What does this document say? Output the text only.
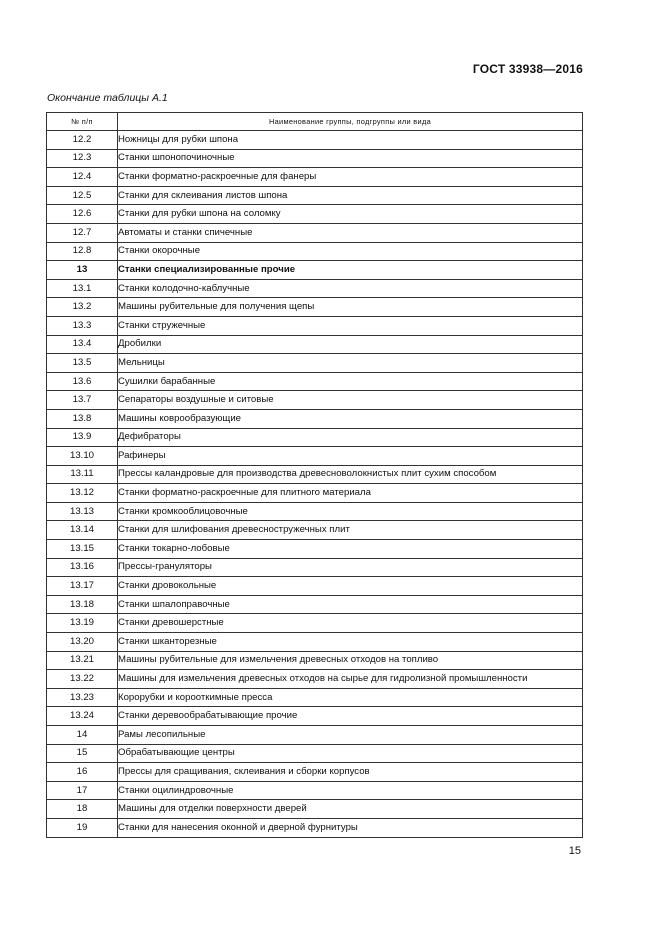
ГОСТ 33938—2016
Окончание таблицы А.1
№ п/п	Наименование группы, подгруппы или вида
12.2	Ножницы для рубки шпона
12.3	Станки шпонопочиночные
12.4	Станки форматно-раскроечные для фанеры
12.5	Станки для склеивания листов шпона
12.6	Станки для рубки шпона на соломку
12.7	Автоматы и станки спичечные
12.8	Станки окорочные
13	Станки специализированные прочие
13.1	Станки колодочно-каблучные
13.2	Машины рубительные для получения щепы
13.3	Станки стружечные
13.4	Дробилки
13.5	Мельницы
13.6	Сушилки барабанные
13.7	Сепараторы воздушные и ситовые
13.8	Машины коврообразующие
13.9	Дефибраторы
13.10	Рафинеры
13.11	Прессы каландровые для производства древесноволокнистых плит сухим способом
13.12	Станки форматно-раскроечные для плитного материала
13.13	Станки кромкооблицовочные
13.14	Станки для шлифования древесностружечных плит
13.15	Станки токарно-лобовые
13.16	Прессы-грануляторы
13.17	Станки дровокольные
13.18	Станки шпалоправочные
13.19	Станки древошерстные
13.20	Станки шканторезные
13.21	Машины рубительные для измельчения древесных отходов на топливо
13.22	Машины для измельчения древесных отходов на сырье для гидролизной промышленности
13.23	Корорубки и корооткимные пресса
13.24	Станки деревообрабатывающие прочие
14	Рамы лесопильные
15	Обрабатывающие центры
16	Прессы для сращивания, склеивания и сборки корпусов
17	Станки оцилиндровочные
18	Машины для отделки поверхности дверей
19	Станки для нанесения оконной и дверной фурнитуры
15
